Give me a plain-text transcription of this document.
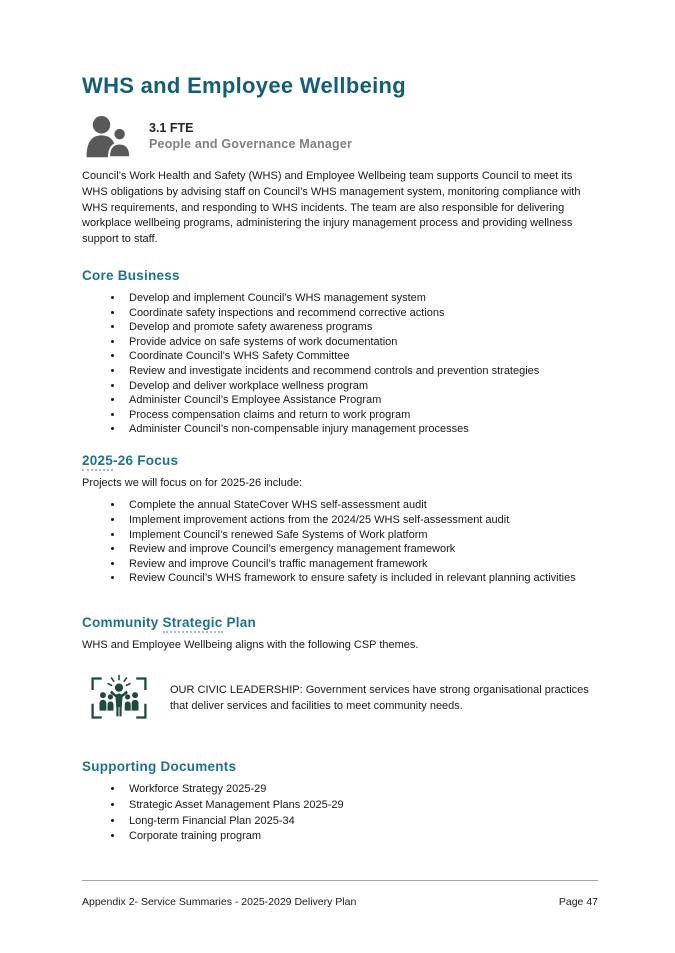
WHS and Employee Wellbeing
3.1 FTE
People and Governance Manager

Council’s Work Health and Safety (WHS) and Employee Wellbeing team supports Council to meet its WHS obligations by advising staff on Council’s WHS management system, monitoring compliance with WHS requirements, and responding to WHS incidents. The team are also responsible for delivering workplace wellbeing programs, administering the injury management process and providing wellness support to staff.

Core Business
• Develop and implement Council’s WHS management system
• Coordinate safety inspections and recommend corrective actions
• Develop and promote safety awareness programs
• Provide advice on safe systems of work documentation
• Coordinate Council’s WHS Safety Committee
• Review and investigate incidents and recommend controls and prevention strategies
• Develop and deliver workplace wellness program
• Administer Council’s Employee Assistance Program
• Process compensation claims and return to work program
• Administer Council’s non-compensable injury management processes
2025-26 Focus

Projects we will focus on for 2025-26 include:

• Complete the annual StateCover WHS self-assessment audit
• Implement improvement actions from the 2024/25 WHS self-assessment audit
• Implement Council’s renewed Safe Systems of Work platform
• Review and improve Council’s emergency management framework
• Review and improve Council’s traffic management framework
• Review Council’s WHS framework to ensure safety is included in relevant planning activities
Community Strategic Plan

WHS and Employee Wellbeing aligns with the following CSP themes.

OUR CIVIC LEADERSHIP: Government services have strong organisational practices that deliver services and facilities to meet community needs.

Supporting Documents
• Workforce Strategy 2025-29
• Strategic Asset Management Plans 2025-29
• Long-term Financial Plan 2025-34
• Corporate training program
Appendix 2- Service Summaries - 2025-2029 Delivery Plan	Page 47
